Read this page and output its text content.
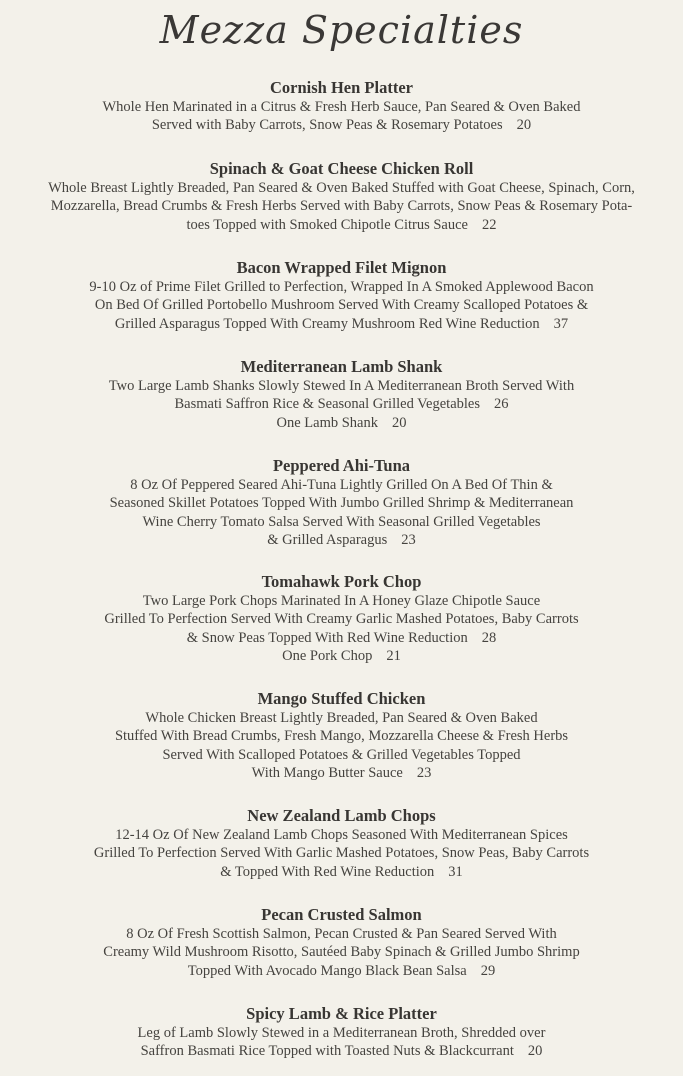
Mezza Specialties
Cornish Hen Platter
Whole Hen Marinated in a Citrus & Fresh Herb Sauce, Pan Seared & Oven Baked
Served with Baby Carrots, Snow Peas & Rosemary Potatoes 20
Spinach & Goat Cheese Chicken Roll
Whole Breast Lightly Breaded, Pan Seared & Oven Baked Stuffed with Goat Cheese, Spinach, Corn,
Mozzarella, Bread Crumbs & Fresh Herbs Served with Baby Carrots, Snow Peas & Rosemary Pota-
toes Topped with Smoked Chipotle Citrus Sauce 22
Bacon Wrapped Filet Mignon
9-10 Oz of Prime Filet Grilled to Perfection, Wrapped In A Smoked Applewood Bacon
On Bed Of Grilled Portobello Mushroom Served With Creamy Scalloped Potatoes &
Grilled Asparagus Topped With Creamy Mushroom Red Wine Reduction 37
Mediterranean Lamb Shank
Two Large Lamb Shanks Slowly Stewed In A Mediterranean Broth Served With
Basmati Saffron Rice & Seasonal Grilled Vegetables 26
One Lamb Shank 20
Peppered Ahi-Tuna
8 Oz Of Peppered Seared Ahi-Tuna Lightly Grilled On A Bed Of Thin &
Seasoned Skillet Potatoes Topped With Jumbo Grilled Shrimp & Mediterranean
Wine Cherry Tomato Salsa Served With Seasonal Grilled Vegetables
& Grilled Asparagus 23
Tomahawk Pork Chop
Two Large Pork Chops Marinated In A Honey Glaze Chipotle Sauce
Grilled To Perfection Served With Creamy Garlic Mashed Potatoes, Baby Carrots
& Snow Peas Topped With Red Wine Reduction 28
One Pork Chop 21
Mango Stuffed Chicken
Whole Chicken Breast Lightly Breaded, Pan Seared & Oven Baked
Stuffed With Bread Crumbs, Fresh Mango, Mozzarella Cheese & Fresh Herbs
Served With Scalloped Potatoes & Grilled Vegetables Topped
With Mango Butter Sauce 23
New Zealand Lamb Chops
12-14 Oz Of New Zealand Lamb Chops Seasoned With Mediterranean Spices
Grilled To Perfection Served With Garlic Mashed Potatoes, Snow Peas, Baby Carrots
& Topped With Red Wine Reduction 31
Pecan Crusted Salmon
8 Oz Of Fresh Scottish Salmon, Pecan Crusted & Pan Seared Served With
Creamy Wild Mushroom Risotto, Sautéed Baby Spinach & Grilled Jumbo Shrimp
Topped With Avocado Mango Black Bean Salsa 29
Spicy Lamb & Rice Platter
Leg of Lamb Slowly Stewed in a Mediterranean Broth, Shredded over
Saffron Basmati Rice Topped with Toasted Nuts & Blackcurrant 20
